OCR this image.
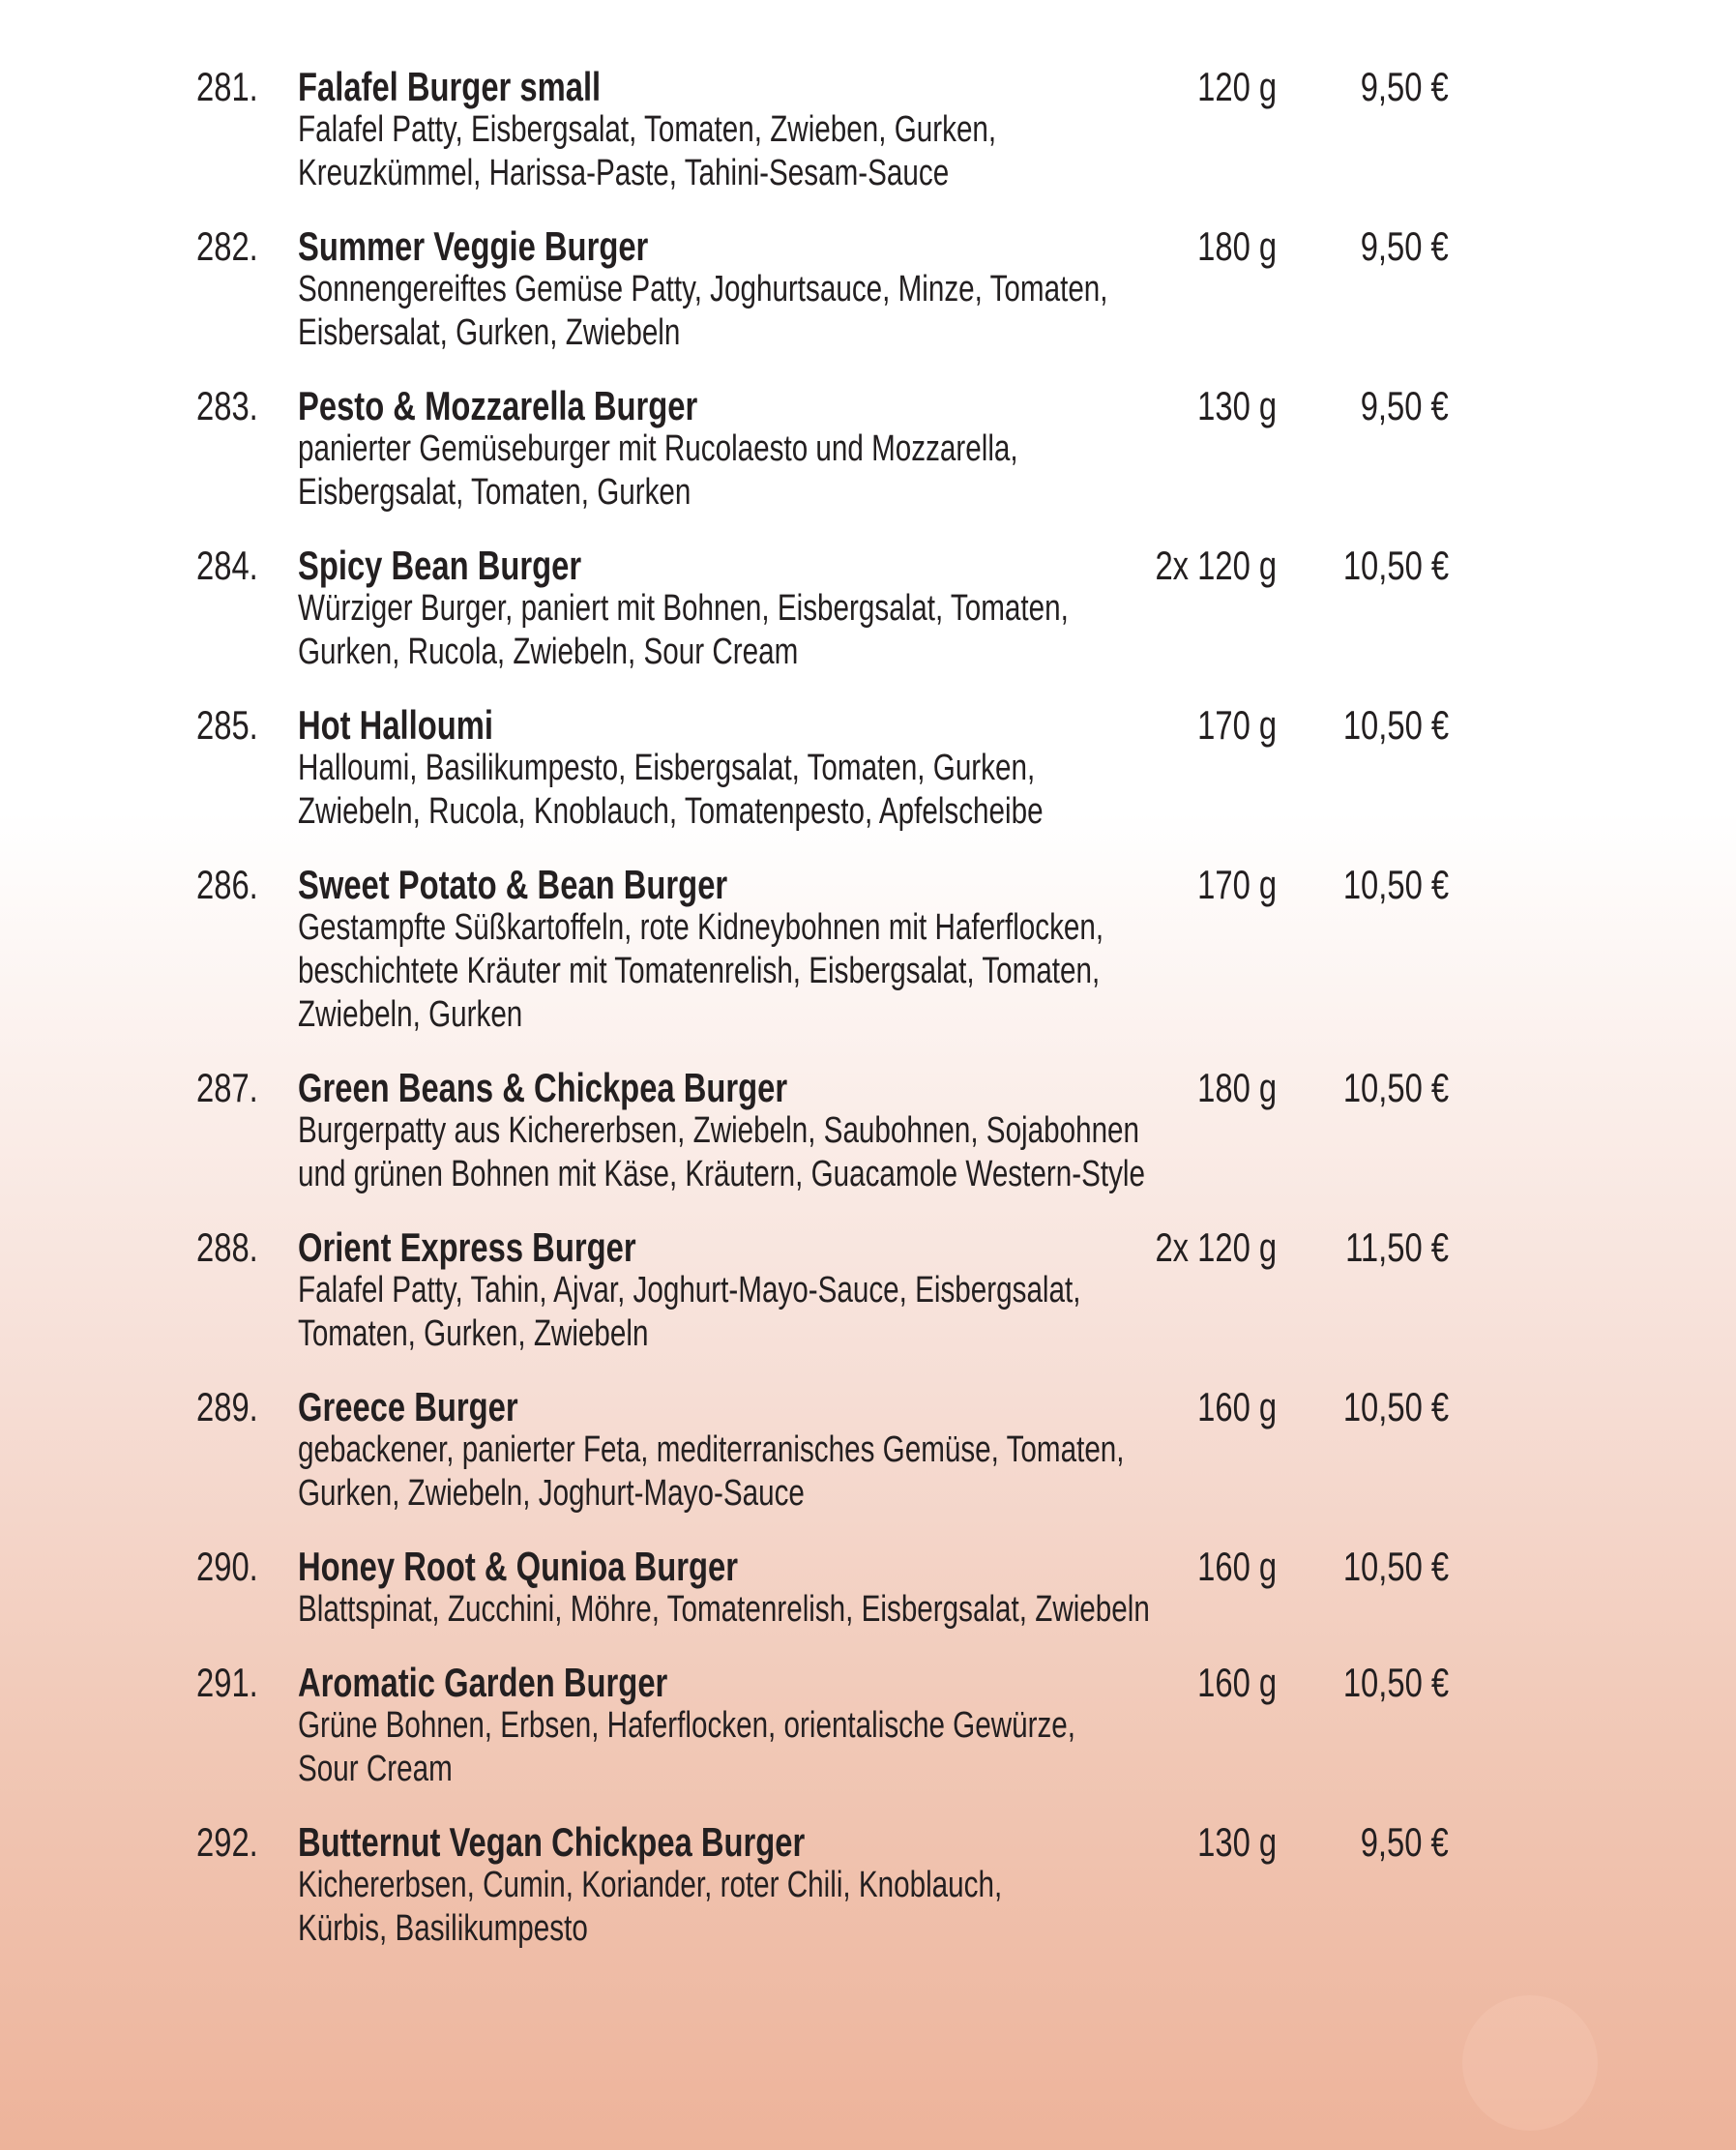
281. Falafel Burger small	120 g	9,50 €
Falafel Patty, Eisbergsalat, Tomaten, Zwieben, Gurken,
Kreuzkümmel, Harissa-Paste, Tahini-Sesam-Sauce
282. Summer Veggie Burger	180 g	9,50 €
Sonnengereiftes Gemüse Patty, Joghurtsauce, Minze, Tomaten,
Eisbersalat, Gurken, Zwiebeln
283. Pesto & Mozzarella Burger	130 g	9,50 €
panierter Gemüseburger mit Rucolaesto und Mozzarella,
Eisbergsalat, Tomaten, Gurken
284. Spicy Bean Burger	2x 120 g	10,50 €
Würziger Burger, paniert mit Bohnen, Eisbergsalat, Tomaten,
Gurken, Rucola, Zwiebeln, Sour Cream
285. Hot Halloumi	170 g	10,50 €
Halloumi, Basilikumpesto, Eisbergsalat, Tomaten, Gurken,
Zwiebeln, Rucola, Knoblauch, Tomatenpesto, Apfelscheibe
286. Sweet Potato & Bean Burger	170 g	10,50 €
Gestampfte Süßkartoffeln, rote Kidneybohnen mit Haferflocken,
beschichtete Kräuter mit Tomatenrelish, Eisbergsalat, Tomaten,
Zwiebeln, Gurken
287. Green Beans & Chickpea Burger	180 g	10,50 €
Burgerpatty aus Kichererbsen, Zwiebeln, Saubohnen, Sojabohnen
und grünen Bohnen mit Käse, Kräutern, Guacamole Western-Style
288. Orient Express Burger	2x 120 g	11,50 €
Falafel Patty, Tahin, Ajvar, Joghurt-Mayo-Sauce, Eisbergsalat,
Tomaten, Gurken, Zwiebeln
289. Greece Burger	160 g	10,50 €
gebackener, panierter Feta, mediterranisches Gemüse, Tomaten,
Gurken, Zwiebeln, Joghurt-Mayo-Sauce
290. Honey Root & Qunioa Burger	160 g	10,50 €
Blattspinat, Zucchini, Möhre, Tomatenrelish, Eisbergsalat, Zwiebeln
291. Aromatic Garden Burger	160 g	10,50 €
Grüne Bohnen, Erbsen, Haferflocken, orientalische Gewürze,
Sour Cream
292. Butternut Vegan Chickpea Burger	130 g	9,50 €
Kichererbsen, Cumin, Koriander, roter Chili, Knoblauch,
Kürbis, Basilikumpesto
